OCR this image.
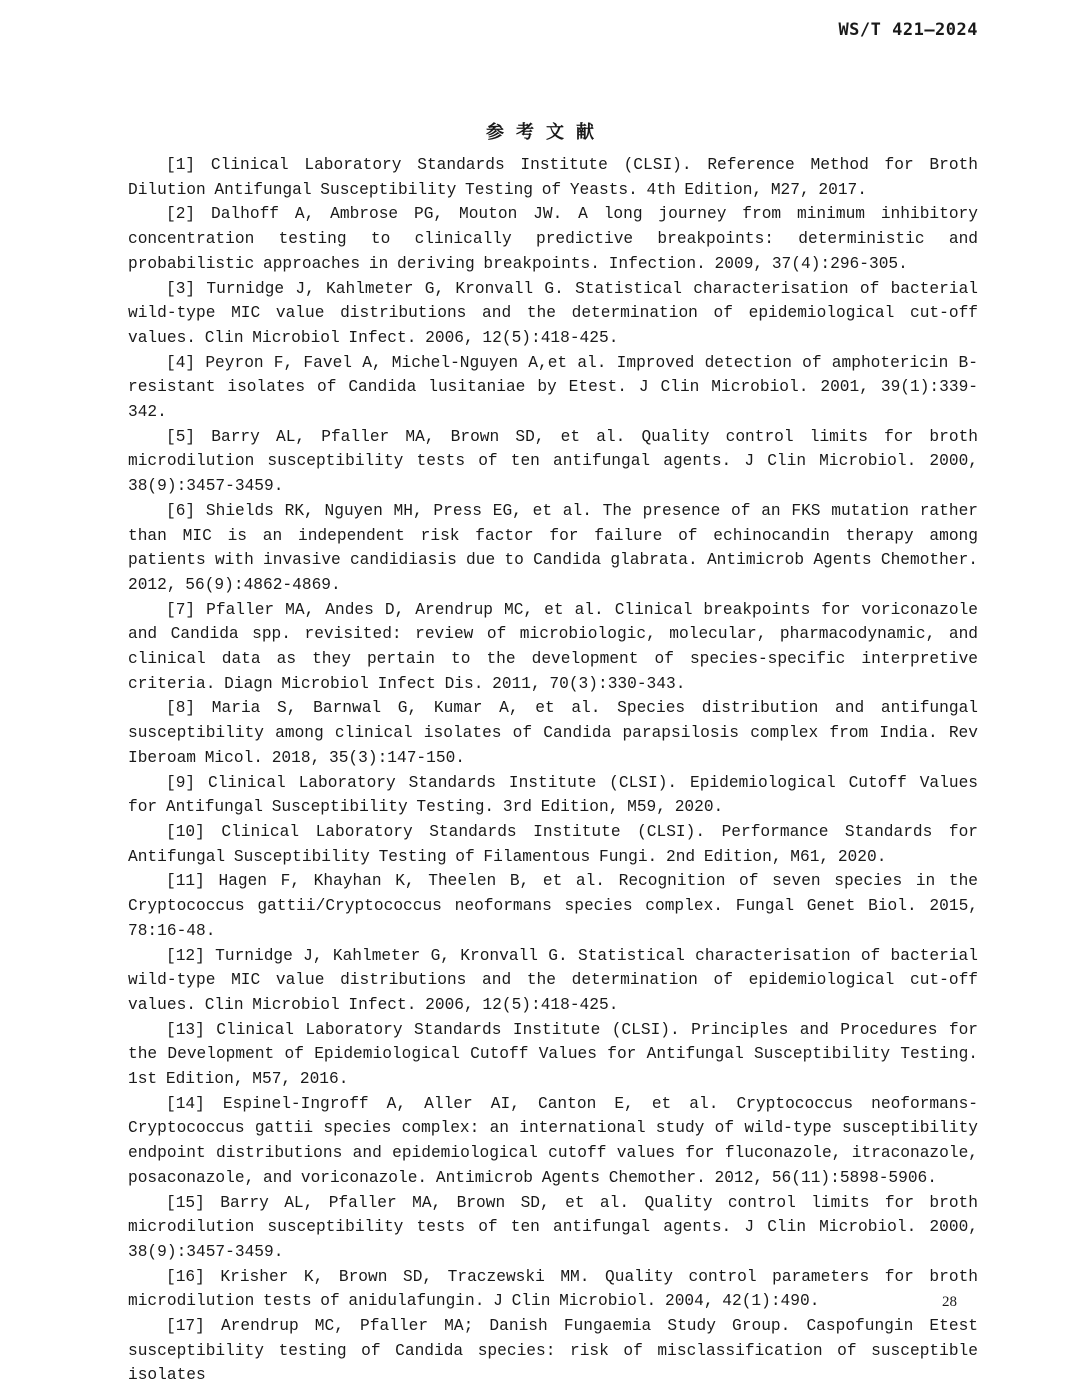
WS/T 421—2024
参考文献
[1] Clinical Laboratory Standards Institute (CLSI). Reference Method for Broth Dilution Antifungal Susceptibility Testing of Yeasts. 4th Edition, M27, 2017.
[2] Dalhoff A, Ambrose PG, Mouton JW. A long journey from minimum inhibitory concentration testing to clinically predictive breakpoints: deterministic and probabilistic approaches in deriving breakpoints. Infection. 2009, 37(4):296-305.
[3] Turnidge J, Kahlmeter G, Kronvall G. Statistical characterisation of bacterial wild-type MIC value distributions and the determination of epidemiological cut-off values. Clin Microbiol Infect. 2006, 12(5):418-425.
[4] Peyron F, Favel A, Michel-Nguyen A,et al. Improved detection of amphotericin B-resistant isolates of Candida lusitaniae by Etest. J Clin Microbiol. 2001, 39(1):339-342.
[5] Barry AL, Pfaller MA, Brown SD, et al. Quality control limits for broth microdilution susceptibility tests of ten antifungal agents. J Clin Microbiol. 2000, 38(9):3457-3459.
[6] Shields RK, Nguyen MH, Press EG, et al. The presence of an FKS mutation rather than MIC is an independent risk factor for failure of echinocandin therapy among patients with invasive candidiasis due to Candida glabrata. Antimicrob Agents Chemother. 2012, 56(9):4862-4869.
[7] Pfaller MA, Andes D, Arendrup MC, et al. Clinical breakpoints for voriconazole and Candida spp. revisited: review of microbiologic, molecular, pharmacodynamic, and clinical data as they pertain to the development of species-specific interpretive criteria. Diagn Microbiol Infect Dis. 2011, 70(3):330-343.
[8] Maria S, Barnwal G, Kumar A, et al. Species distribution and antifungal susceptibility among clinical isolates of Candida parapsilosis complex from India. Rev Iberoam Micol. 2018, 35(3):147-150.
[9] Clinical Laboratory Standards Institute (CLSI). Epidemiological Cutoff Values for Antifungal Susceptibility Testing. 3rd Edition, M59, 2020.
[10] Clinical Laboratory Standards Institute (CLSI). Performance Standards for Antifungal Susceptibility Testing of Filamentous Fungi. 2nd Edition, M61, 2020.
[11] Hagen F, Khayhan K, Theelen B, et al. Recognition of seven species in the Cryptococcus gattii/Cryptococcus neoformans species complex. Fungal Genet Biol. 2015, 78:16-48.
[12] Turnidge J, Kahlmeter G, Kronvall G. Statistical characterisation of bacterial wild-type MIC value distributions and the determination of epidemiological cut-off values. Clin Microbiol Infect. 2006, 12(5):418-425.
[13] Clinical Laboratory Standards Institute (CLSI). Principles and Procedures for the Development of Epidemiological Cutoff Values for Antifungal Susceptibility Testing. 1st Edition, M57, 2016.
[14] Espinel-Ingroff A, Aller AI, Canton E, et al. Cryptococcus neoformans-Cryptococcus gattii species complex: an international study of wild-type susceptibility endpoint distributions and epidemiological cutoff values for fluconazole, itraconazole, posaconazole, and voriconazole. Antimicrob Agents Chemother. 2012, 56(11):5898-5906.
[15] Barry AL, Pfaller MA, Brown SD, et al. Quality control limits for broth microdilution susceptibility tests of ten antifungal agents. J Clin Microbiol. 2000, 38(9):3457-3459.
[16] Krisher K, Brown SD, Traczewski MM. Quality control parameters for broth microdilution tests of anidulafungin. J Clin Microbiol. 2004, 42(1):490.
[17] Arendrup MC, Pfaller MA; Danish Fungaemia Study Group. Caspofungin Etest susceptibility testing of Candida species: risk of misclassification of susceptible isolates
28
